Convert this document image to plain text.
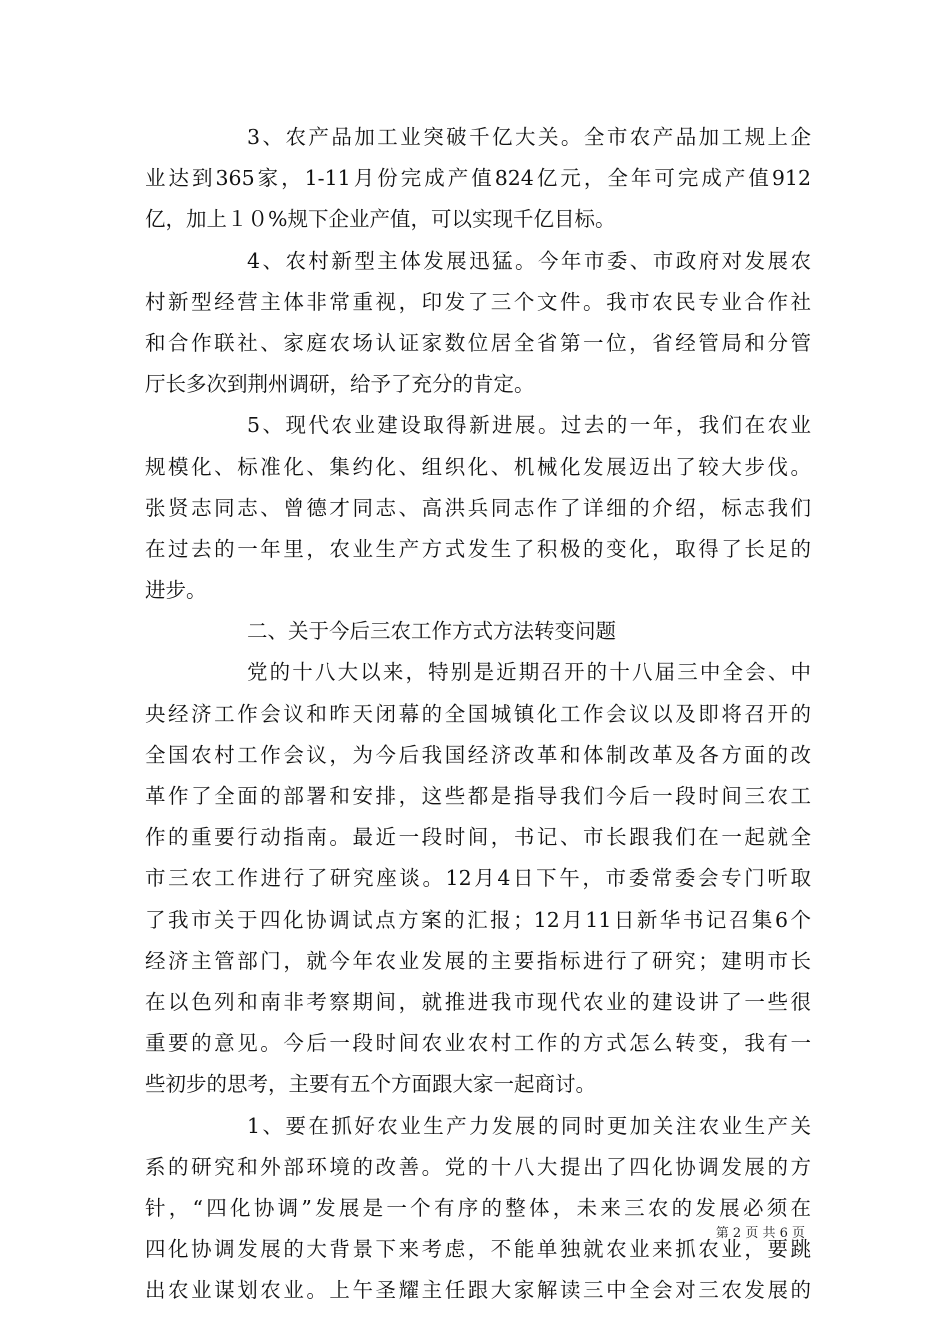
3、农产品加工业突破千亿大关。全市农产品加工规上企
业达到365家，1-11月份完成产值824亿元，全年可完成产值912
亿，加上１０%规下企业产值，可以实现千亿目标。
4、农村新型主体发展迅猛。今年市委、市政府对发展农
村新型经营主体非常重视，印发了三个文件。我市农民专业合作社
和合作联社、家庭农场认证家数位居全省第一位，省经管局和分管
厅长多次到荆州调研，给予了充分的肯定。
5、现代农业建设取得新进展。过去的一年，我们在农业
规模化、标准化、集约化、组织化、机械化发展迈出了较大步伐。
张贤志同志、曾德才同志、高洪兵同志作了详细的介绍，标志我们
在过去的一年里，农业生产方式发生了积极的变化，取得了长足的
进步。
二、关于今后三农工作方式方法转变问题
党的十八大以来，特别是近期召开的十八届三中全会、中
央经济工作会议和昨天闭幕的全国城镇化工作会议以及即将召开的
全国农村工作会议，为今后我国经济改革和体制改革及各方面的改
革作了全面的部署和安排，这些都是指导我们今后一段时间三农工
作的重要行动指南。最近一段时间，书记、市长跟我们在一起就全
市三农工作进行了研究座谈。12月4日下午，市委常委会专门听取
了我市关于四化协调试点方案的汇报；12月11日新华书记召集6个
经济主管部门，就今年农业发展的主要指标进行了研究；建明市长
在以色列和南非考察期间，就推进我市现代农业的建设讲了一些很
重要的意见。今后一段时间农业农村工作的方式怎么转变，我有一
些初步的思考，主要有五个方面跟大家一起商讨。
1、要在抓好农业生产力发展的同时更加关注农业生产关
系的研究和外部环境的改善。党的十八大提出了四化协调发展的方
针，“四化协调”发展是一个有序的整体，未来三农的发展必须在
四化协调发展的大背景下来考虑，不能单独就农业来抓农业，要跳
出农业谋划农业。上午圣耀主任跟大家解读三中全会对三农发展的
第 2 页 共 6 页
